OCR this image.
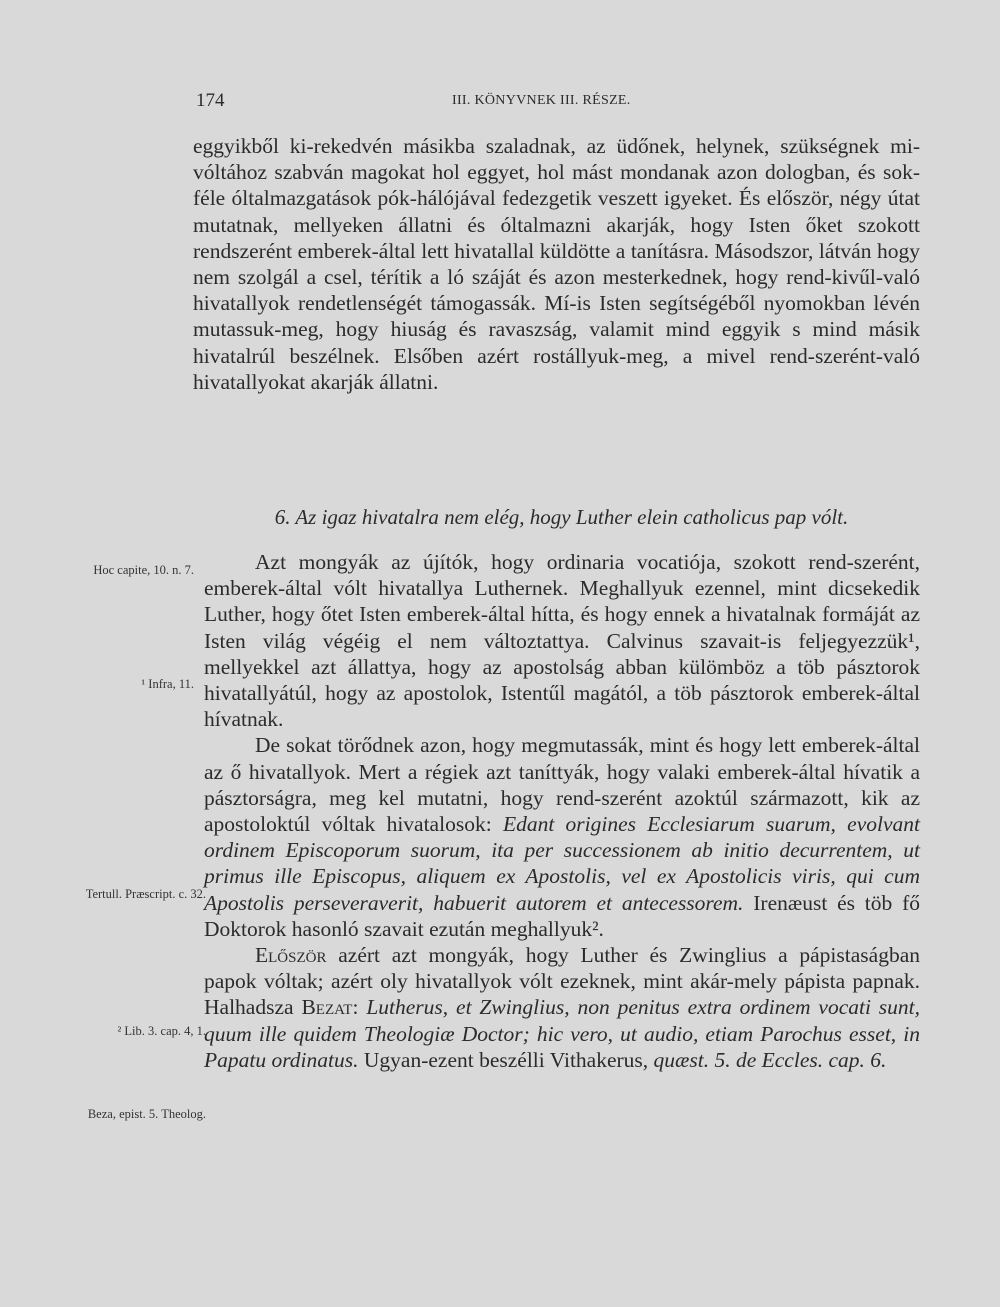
174	III. KÖNYVNEK III. RÉSZE.

eggyikből ki-rekedvén másikba szaladnak, az üdőnek, helynek, szükségnek mi-vóltához szabván magokat hol eggyet, hol mást mondanak azon dologban, és sok-féle óltalmazgatások pók-hálójával fedezgetik veszett igyeket. És először, négy útat mutatnak, mellyeken állatni és óltalmazni akarják, hogy Isten őket szokott rendszerént emberek-által lett hivatallal küldötte a tanításra. Másodszor, látván hogy nem szolgál a csel, térítik a ló száját és azon mesterkednek, hogy rend-kivűl-való hivatallyok rendetlenségét támogassák. Mí-is Isten segítségéből nyomokban lévén mutassuk-meg, hogy hiuság és ravaszság, valamit mind eggyik s mind másik hivatalrúl beszélnek. Elsőben azért rostállyuk-meg, a mivel rend-szerént-való hivatallyokat akarják állatni.

6. Az igaz hivatalra nem elég, hogy Luther elein catholicus pap vólt.

Azt mongyák az újítók, hogy ordinaria vocatiója, szokott rend-szerént, emberek-által vólt hivatallya Luthernek. Meghallyuk ezennel, mint dicsekedik Luther, hogy őtet Isten emberek-által hítta, és hogy ennek a hivatalnak formáját az Isten világ végéig el nem változtattya. Calvinus szavait-is feljegyezzük¹, mellyekkel azt állattya, hogy az apostolság abban külömböz a töb pásztorok hivatallyátúl, hogy az apostolok, Istentűl magától, a töb pásztorok emberek-által hívatnak.

De sokat törődnek azon, hogy megmutassák, mint és hogy lett emberek-által az ő hivatallyok. Mert a régiek azt taníttyák, hogy valaki emberek-által hívatik a pásztorságra, meg kel mutatni, hogy rend-szerént azoktúl származott, kik az apostoloktúl vóltak hivatalosok: Edant origines Ecclesiarum suarum, evolvant ordinem Episcoporum suorum, ita per successionem ab initio decurrentem, ut primus ille Episcopus, aliquem ex Apostolis, vel ex Apostolicis viris, qui cum Apostolis perseveraverit, habuerit autorem et antecessorem. Irenæust és töb fő Doktorok hasonló szavait ezután meghallyuk².

Először azért azt mongyák, hogy Luther és Zwinglius a pápistaságban papok vóltak; azért oly hivatallyok vólt ezeknek, mint akár-mely pápista papnak. Halhadsza Bezat: Lutherus, et Zwinglius, non penitus extra ordinem vocati sunt, quum ille quidem Theologiæ Doctor; hic vero, ut audio, etiam Parochus esset, in Papatu ordinatus. Ugyan-ezent beszélli Vithakerus, quæst. 5. de Eccles. cap. 6.

Hoc capite, 10. n. 7.
¹ Infra, 11.
Tertull. Præscript. c. 32.
² Lib. 3. cap. 4, 1.
Beza, epist. 5. Theolog.
